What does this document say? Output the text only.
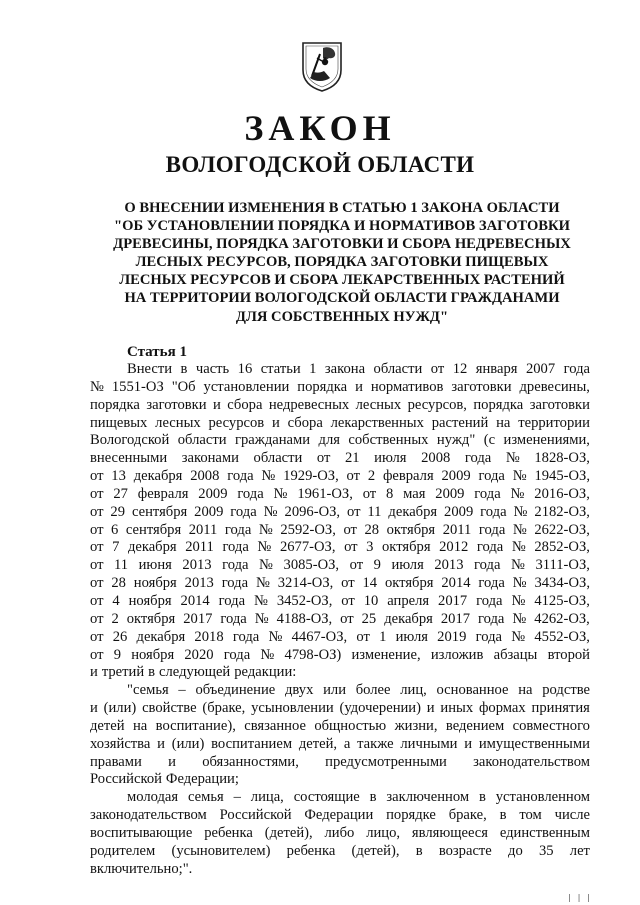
ЗАКОН
ВОЛОГОДСКОЙ ОБЛАСТИ
О ВНЕСЕНИИ ИЗМЕНЕНИЯ В СТАТЬЮ 1 ЗАКОНА ОБЛАСТИ
"ОБ УСТАНОВЛЕНИИ ПОРЯДКА И НОРМАТИВОВ ЗАГОТОВКИ
ДРЕВЕСИНЫ, ПОРЯДКА ЗАГОТОВКИ И СБОРА НЕДРЕВЕСНЫХ
ЛЕСНЫХ РЕСУРСОВ, ПОРЯДКА ЗАГОТОВКИ ПИЩЕВЫХ
ЛЕСНЫХ РЕСУРСОВ И СБОРА ЛЕКАРСТВЕННЫХ РАСТЕНИЙ
НА ТЕРРИТОРИИ ВОЛОГОДСКОЙ ОБЛАСТИ ГРАЖДАНАМИ
ДЛЯ СОБСТВЕННЫХ НУЖД"
Статья 1
Внести в часть 16 статьи 1 закона области от 12 января 2007 года
№ 1551-ОЗ "Об установлении порядка и нормативов заготовки древесины,
порядка заготовки и сбора недревесных лесных ресурсов, порядка заготовки
пищевых лесных ресурсов и сбора лекарственных растений на территории
Вологодской области гражданами для собственных нужд" (с изменениями,
внесенными законами области от 21 июля 2008 года № 1828-ОЗ,
от 13 декабря 2008 года № 1929-ОЗ, от 2 февраля 2009 года № 1945-ОЗ,
от 27 февраля 2009 года № 1961-ОЗ, от 8 мая 2009 года № 2016-ОЗ,
от 29 сентября 2009 года № 2096-ОЗ, от 11 декабря 2009 года № 2182-ОЗ,
от 6 сентября 2011 года № 2592-ОЗ, от 28 октября 2011 года № 2622-ОЗ,
от 7 декабря 2011 года № 2677-ОЗ, от 3 октября 2012 года № 2852-ОЗ,
от 11 июня 2013 года № 3085-ОЗ, от 9 июля 2013 года № 3111-ОЗ,
от 28 ноября 2013 года № 3214-ОЗ, от 14 октября 2014 года № 3434-ОЗ,
от 4 ноября 2014 года № 3452-ОЗ, от 10 апреля 2017 года № 4125-ОЗ,
от 2 октября 2017 года № 4188-ОЗ, от 25 декабря 2017 года № 4262-ОЗ,
от 26 декабря 2018 года № 4467-ОЗ, от 1 июля 2019 года № 4552-ОЗ,
от 9 ноября 2020 года № 4798-ОЗ) изменение, изложив абзацы второй
и третий в следующей редакции:
"семья – объединение двух или более лиц, основанное на родстве
и (или) свойстве (браке, усыновлении (удочерении) и иных формах принятия
детей на воспитание), связанное общностью жизни, ведением совместного
хозяйства и (или) воспитанием детей, а также личными и имущественными
правами и обязанностями, предусмотренными законодательством
Российской Федерации;
молодая семья – лица, состоящие в заключенном в установленном
законодательством Российской Федерации порядке браке, в том числе
воспитывающие ребенка (детей), либо лицо, являющееся единственным
родителем (усыновителем) ребенка (детей), в возрасте до 35 лет
включительно;".
| | |
